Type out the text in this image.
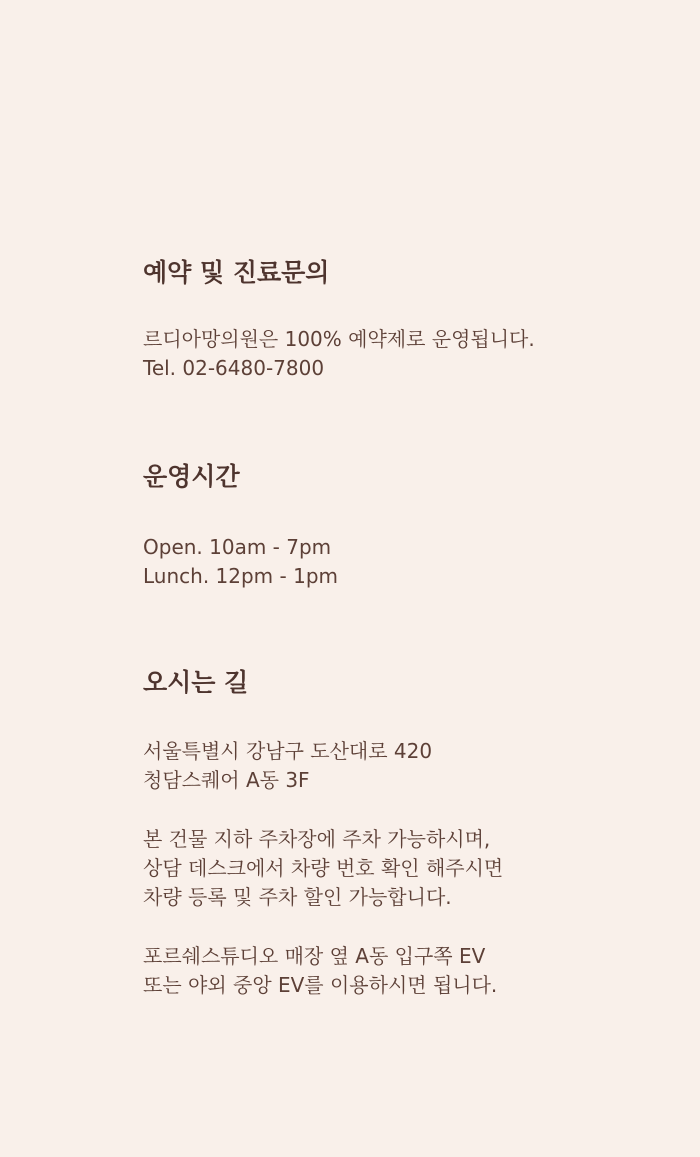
예약 및 진료문의

르디아망의원은 100% 예약제로 운영됩니다.

Tel. 02-6480-7800

운영시간

Open. 10am - 7pm

Lunch. 12pm - 1pm

오시는 길

서울특별시 강남구 도산대로 420

청담스퀘어 A동 3F

본 건물 지하 주차장에 주차 가능하시며,

상담 데스크에서 차량 번호 확인 해주시면

차량 등록 및 주차 할인 가능합니다.

포르쉐스튜디오 매장 옆 A동 입구쪽 EV

또는 야외 중앙 EV를 이용하시면 됩니다.
